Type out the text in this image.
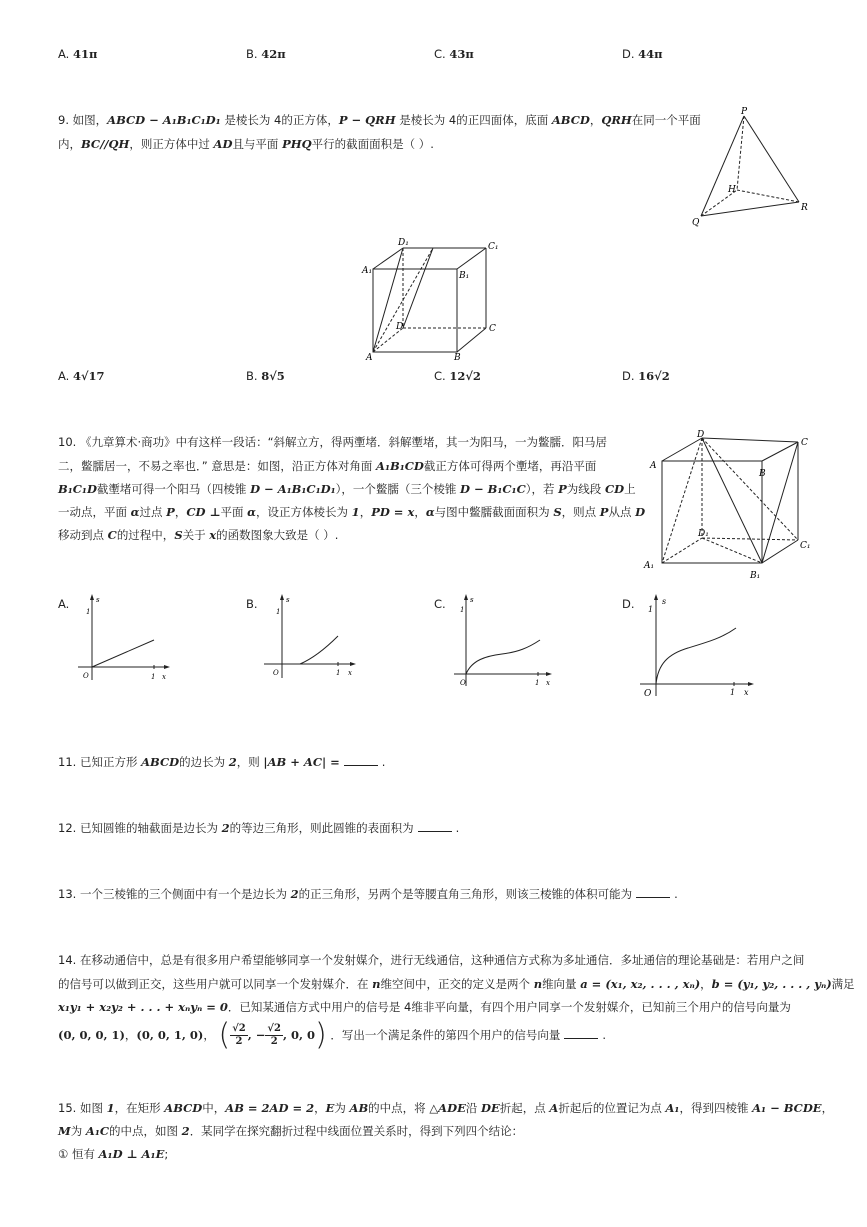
A. 41π	B. 42π	C. 43π	D. 44π
9. 如图，ABCD − A₁B₁C₁D₁ 是棱长为 4的正方体，P − QRH 是棱长为 4的正四面体，底面 ABCD，QRH在同一个平面
内，BC//QH，则正方体中过 AD且与平面 PHQ平行的截面面积是（ ）.
P
H
Q
R
D₁	C₁
A₁	B₁
D	C
A	B
A. 4√17	B. 8√5	C. 12√2	D. 16√2
10. 《九章算术·商功》中有这样一段话：“斜解立方，得两壍堵．斜解壍堵，其一为阳马，一为鳖臑．阳马居
二，鳖臑居一，不易之率也．” 意思是：如图，沿正方体对角面 A₁B₁CD截正方体可得两个壍堵，再沿平面
B₁C₁D截壍堵可得一个阳马（四棱锥 D − A₁B₁C₁D₁），一个鳖臑（三个棱锥 D − B₁C₁C），若 P为线段 CD上
一动点，平面 α过点 P，CD ⊥平面 α，设正方体棱长为 1，PD = x，α与图中鳖臑截面面积为 S，则点 P从点 D
移动到点 C的过程中，S关于 x的函数图象大致是（ ）.
D
C
A
B
D₁
C₁
A₁
B₁
A.	B.	C.	D.
s
1
O	1 x
s
1
O	1 x
s
1
O	1 x
s
1
O	1 x
11. 已知正方形 ABCD的边长为 2，则 |AB + AC| =	.
12. 已知圆锥的轴截面是边长为 2的等边三角形，则此圆锥的表面积为	.
13. 一个三棱锥的三个侧面中有一个是边长为 2的正三角形，另两个是等腰直角三角形，则该三棱锥的体积可能为	.
14. 在移动通信中，总是有很多用户希望能够同享一个发射媒介，进行无线通信，这种通信方式称为多址通信．多址通信的理论基础是：若用户之间
的信号可以做到正交，这些用户就可以同享一个发射媒介．在 n维空间中，正交的定义是两个 n维向量 a = (x₁, x₂, . . . , xₙ)，b = (y₁, y₂, . . . , yₙ)满足
x₁y₁ + x₂y₂ + . . . + xₙyₙ = 0．已知某通信方式中用户的信号是 4维非平向量，有四个用户同享一个发射媒介，已知前三个用户的信号向量为
(0, 0, 0, 1)，(0, 0, 1, 0)， ( $\frac{√2}{2}$ , − $\frac{√2}{2}$ , 0, 0) ．写出一个满足条件的第四个用户的信号向量	.
15. 如图 1，在矩形 ABCD中，AB = 2AD = 2，E为 AB的中点，将 △ADE沿 DE折起，点 A折起后的位置记为点 A₁，得到四棱锥 A₁ − BCDE，
M为 A₁C的中点，如图 2．某同学在探究翻折过程中线面位置关系时，得到下列四个结论：
① 恒有 A₁D ⊥ A₁E;
